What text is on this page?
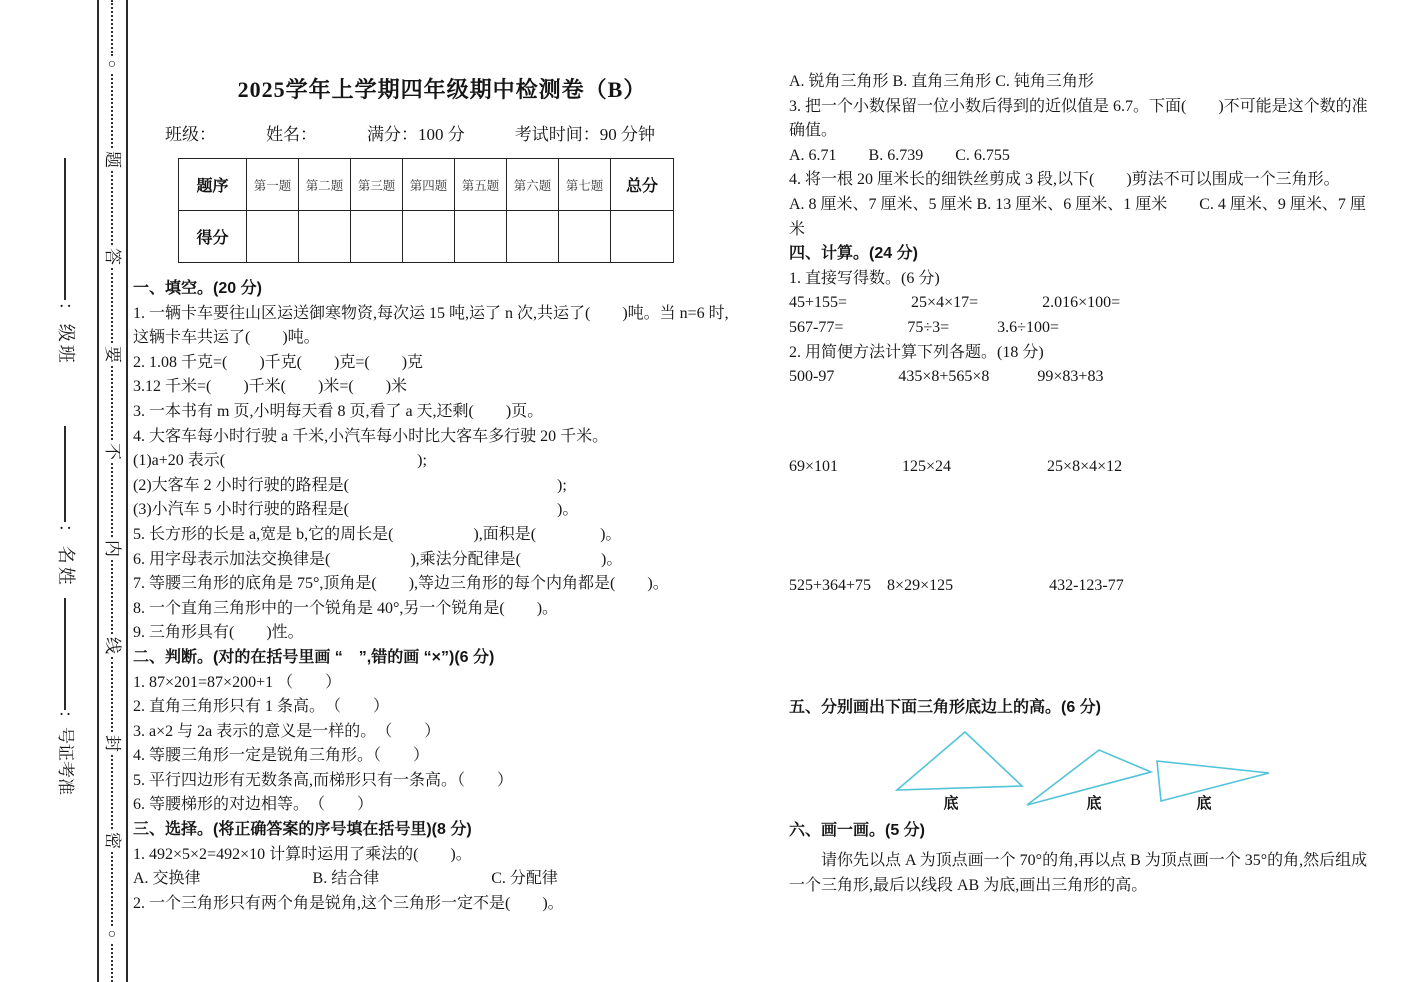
：
级
班
：
名
姓
：
号
证
考
准
○
题
答
要
不
内
线
封
密
○
2025学年上学期四年级期中检测卷（B）
班级：	姓名：	满分：100 分	考试时间：90 分钟
题序	第一题	第二题	第三题	第四题	第五题	第六题	第七题	总分
得分								
一、填空。(20 分)
1. 一辆卡车要往山区运送御寒物资,每次运 15 吨,运了 n 次,共运了(　　)吨。当 n=6 时,
这辆卡车共运了(　　)吨。
2. 1.08 千克=(　　)千克(　　)克=(　　)克
3.12 千米=(　　)千米(　　)米=(　　)米
3. 一本书有 m 页,小明每天看 8 页,看了 a 天,还剩(　　)页。
4. 大客车每小时行驶 a 千米,小汽车每小时比大客车多行驶 20 千米。
(1)a+20 表示(　　　　　　　　　　　　);
(2)大客车 2 小时行驶的路程是(　　　　　　　　　　　　　);
(3)小汽车 5 小时行驶的路程是(　　　　　　　　　　　　　)。
5. 长方形的长是 a,宽是 b,它的周长是(　　　　　),面积是(　　　　)。
6. 用字母表示加法交换律是(　　　　　),乘法分配律是(　　　　　)。
7. 等腰三角形的底角是 75°,顶角是(　　),等边三角形的每个内角都是(　　)。
8. 一个直角三角形中的一个锐角是 40°,另一个锐角是(　　)。
9. 三角形具有(　　)性。
二、判断。(对的在括号里画 “　”,错的画 “×”)(6 分)
1. 87×201=87×200+1 （　　）
2. 直角三角形只有 1 条高。　（　　）
3. a×2 与 2a 表示的意义是一样的。　（　　）
4. 等腰三角形一定是锐角三角形。（　　）
5. 平行四边形有无数条高,而梯形只有一条高。（　　）
6. 等腰梯形的对边相等。　（　　）
三、选择。(将正确答案的序号填在括号里)(8 分)
1. 492×5×2=492×10 计算时运用了乘法的(　　)。
A. 交换律　　　　　　　B. 结合律　　　　　　　C. 分配律
2. 一个三角形只有两个角是锐角,这个三角形一定不是(　　)。
A. 锐角三角形 B. 直角三角形 C. 钝角三角形
3. 把一个小数保留一位小数后得到的近似值是 6.7。下面(　　)不可能是这个数的准
确值。
A. 6.71　　B. 6.739　　C. 6.755
4. 将一根 20 厘米长的细铁丝剪成 3 段,以下(　　)剪法不可以围成一个三角形。
A. 8 厘米、7 厘米、5 厘米 B. 13 厘米、6 厘米、1 厘米　　C. 4 厘米、9 厘米、7 厘
米
四、计算。(24 分)
1. 直接写得数。(6 分)
45+155=　　　　25×4×17=　　　　2.016×100=
567-77=　　　　75÷3=　　　3.6÷100=
2. 用简便方法计算下列各题。(18 分)
500-97　　　　435×8+565×8　　　99×83+83
69×101　　　　125×24　　　　　　25×8×4×12
525+364+75　8×29×125　　　　　　432-123-77
五、分别画出下面三角形底边上的高。(6 分)
底	底	底
六、画一画。(5 分)
　　请你先以点 A 为顶点画一个 70°的角,再以点 B 为顶点画一个 35°的角,然后组成
一个三角形,最后以线段 AB 为底,画出三角形的高。
